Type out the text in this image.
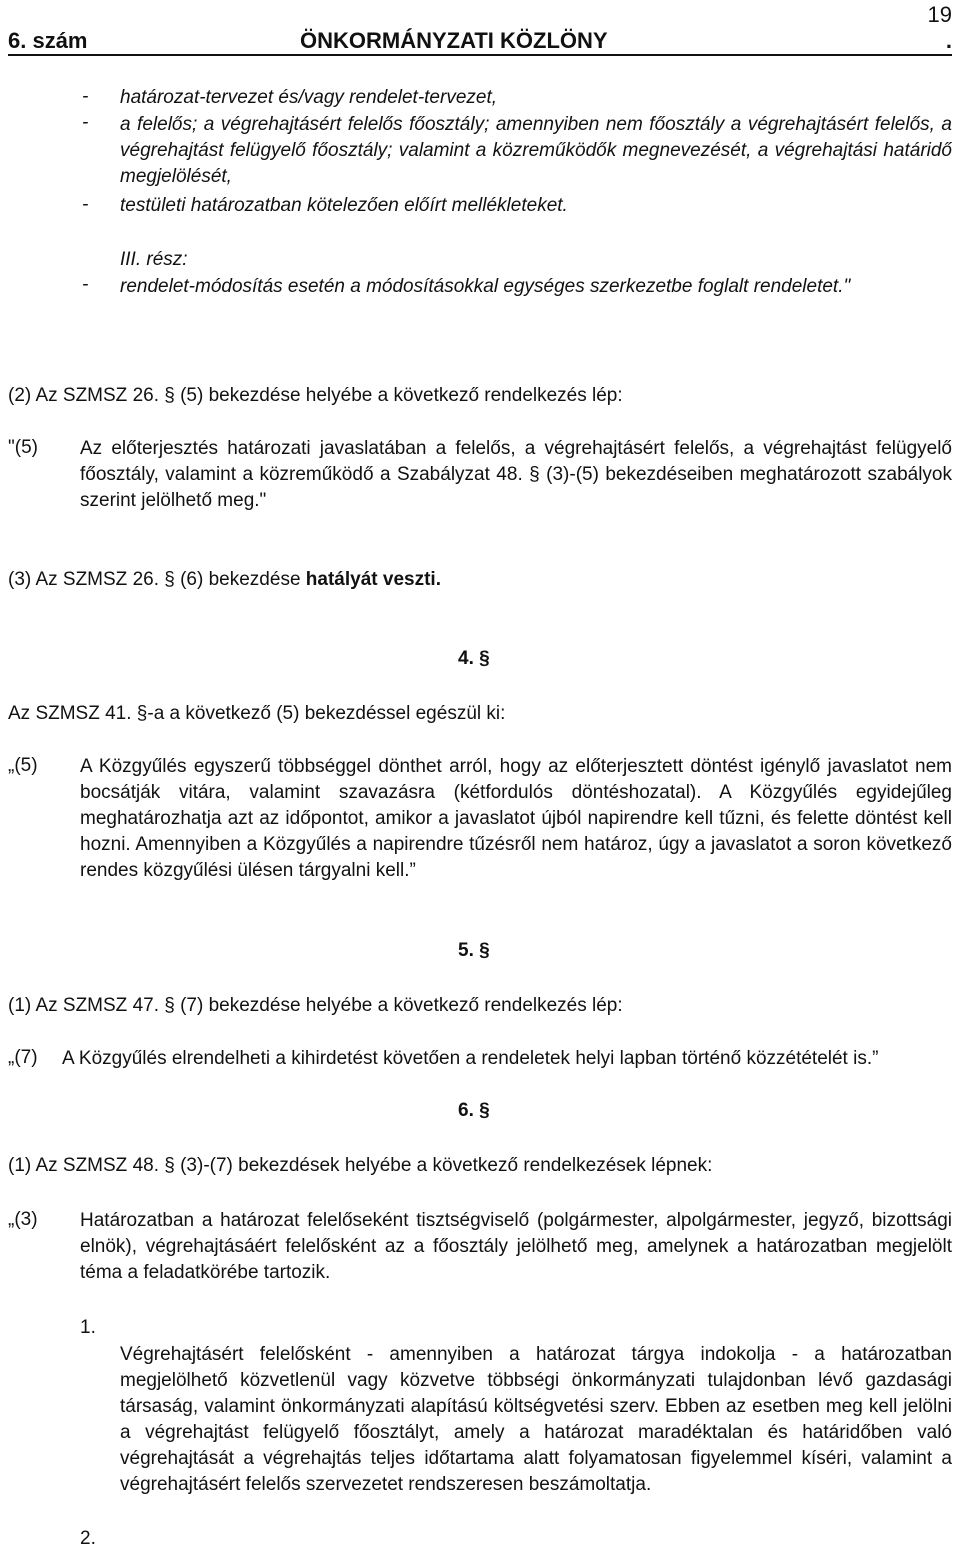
6. szám	ÖNKORMÁNYZATI KÖZLÖNY	.
19
- határozat-tervezet és/vagy rendelet-tervezet,
- a felelős; a végrehajtásért felelős főosztály; amennyiben nem főosztály a végrehajtásért felelős, a végrehajtást felügyelő főosztály; valamint a közreműködők megnevezését, a végrehajtási határidő megjelölését,
- testületi határozatban kötelezően előírt mellékleteket.
III. rész:
- rendelet-módosítás esetén a módosításokkal egységes szerkezetbe foglalt rendeletet."
(2) Az SZMSZ 26. § (5) bekezdése helyébe a következő rendelkezés lép:
"(5) Az előterjesztés határozati javaslatában a felelős, a végrehajtásért felelős, a végrehajtást felügyelő főosztály, valamint a közreműködő a Szabályzat 48. § (3)-(5) bekezdéseiben meghatározott szabályok szerint jelölhető meg."
(3) Az SZMSZ 26. § (6) bekezdése hatályát veszti.
4. §
Az SZMSZ 41. §-a a következő (5) bekezdéssel egészül ki:
„(5) A Közgyűlés egyszerű többséggel dönthet arról, hogy az előterjesztett döntést igénylő javaslatot nem bocsátják vitára, valamint szavazásra (kétfordulós döntéshozatal). A Közgyűlés egyidejűleg meghatározhatja azt az időpontot, amikor a javaslatot újból napirendre kell tűzni, és felette döntést kell hozni. Amennyiben a Közgyűlés a napirendre tűzésről nem határoz, úgy a javaslatot a soron következő rendes közgyűlési ülésen tárgyalni kell.”
5. §
(1) Az SZMSZ 47. § (7) bekezdése helyébe a következő rendelkezés lép:
„(7) A Közgyűlés elrendelheti a kihirdetést követően a rendeletek helyi lapban történő közzétételét is.”
6. §
(1) Az SZMSZ 48. § (3)-(7) bekezdések helyébe a következő rendelkezések lépnek:
„(3) Határozatban a határozat felelőseként tisztségviselő (polgármester, alpolgármester, jegyző, bizottsági elnök), végrehajtásáért felelősként az a főosztály jelölhető meg, amelynek a határozatban megjelölt téma a feladatkörébe tartozik.
1.
Végrehajtásért felelősként - amennyiben a határozat tárgya indokolja - a határozatban megjelölhető közvetlenül vagy közvetve többségi önkormányzati tulajdonban lévő gazdasági társaság, valamint önkormányzati alapítású költségvetési szerv. Ebben az esetben meg kell jelölni a végrehajtást felügyelő főosztályt, amely a határozat maradéktalan és határidőben való végrehajtását a végrehajtás teljes időtartama alatt folyamatosan figyelemmel kíséri, valamint a végrehajtásért felelős szervezetet rendszeresen beszámoltatja.
2.
